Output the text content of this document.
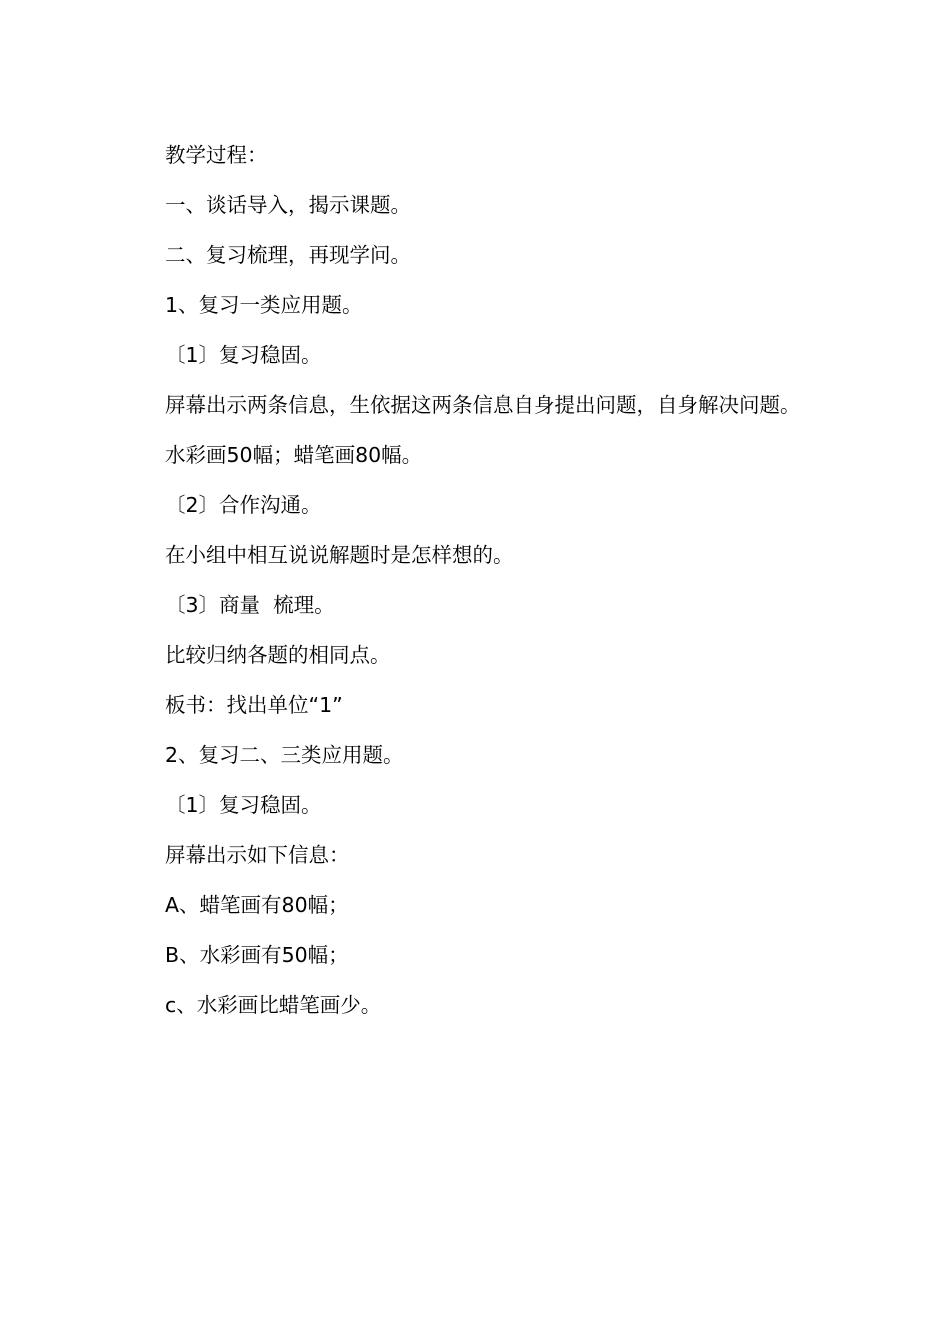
教学过程：
一、谈话导入，揭示课题。
二、复习梳理，再现学问。
1、复习一类应用题。
〔1〕复习稳固。
屏幕出示两条信息，生依据这两条信息自身提出问题，自身解决问题。
水彩画50幅；蜡笔画80幅。
〔2〕合作沟通。
在小组中相互说说解题时是怎样想的。
〔3〕商量  梳理。
比较归纳各题的相同点。
板书：找出单位“1”
2、复习二、三类应用题。
〔1〕复习稳固。
屏幕出示如下信息：
A、蜡笔画有80幅；
B、水彩画有50幅；
c、水彩画比蜡笔画少。
